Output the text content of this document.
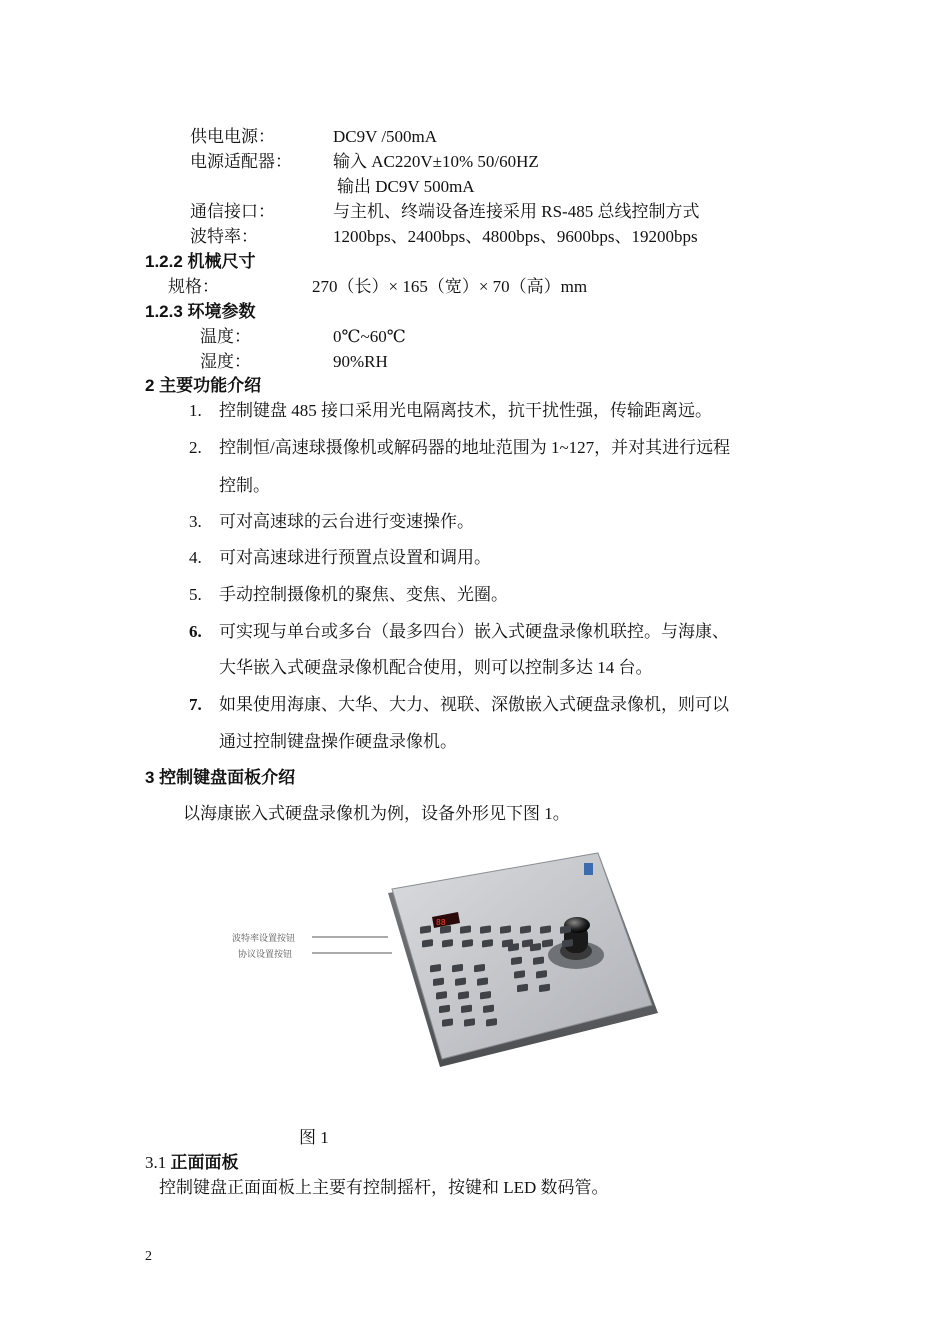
供电电源：	DC9V /500mA
电源适配器： 输入 AC220V±10% 50/60HZ
输出 DC9V 500mA
通信接口：	与主机、终端设备连接采用 RS-485 总线控制方式
波特率：	1200bps、2400bps、4800bps、9600bps、19200bps
1.2.2 机械尺寸
规格：	270（长）× 165（宽）× 70（高）mm
1.2.3 环境参数
温度：	0℃~60℃
湿度：	90%RH
2 主要功能介绍
1. 控制键盘 485 接口采用光电隔离技术，抗干扰性强，传输距离远。
2. 控制恒/高速球摄像机或解码器的地址范围为 1~127，并对其进行远程
控制。
3. 可对高速球的云台进行变速操作。
4. 可对高速球进行预置点设置和调用。
5. 手动控制摄像机的聚焦、变焦、光圈。
6. 可实现与单台或多台（最多四台）嵌入式硬盘录像机联控。与海康、
大华嵌入式硬盘录像机配合使用，则可以控制多达 14 台。
7. 如果使用海康、大华、大力、视联、深傲嵌入式硬盘录像机，则可以
通过控制键盘操作硬盘录像机。
3 控制键盘面板介绍
以海康嵌入式硬盘录像机为例，设备外形见下图 1。
88
波特率设置按钮
协议设置按钮
图 1
3.1 正面面板
控制键盘正面面板上主要有控制摇杆，按键和 LED 数码管。
2
